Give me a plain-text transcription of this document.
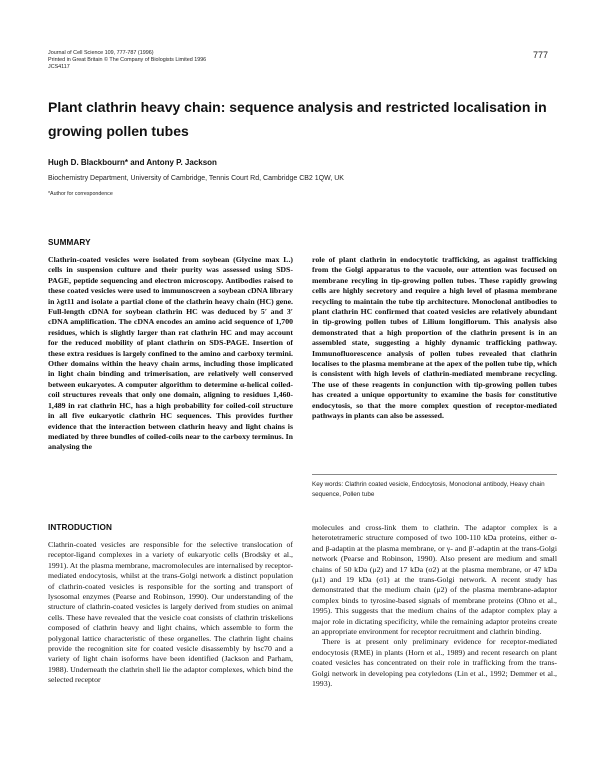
Journal of Cell Science 109, 777-787 (1996)
Printed in Great Britain © The Company of Biologists Limited 1996
JCS4117
777
Plant clathrin heavy chain: sequence analysis and restricted localisation in growing pollen tubes
Hugh D. Blackbourn* and Antony P. Jackson
Biochemistry Department, University of Cambridge, Tennis Court Rd, Cambridge CB2 1QW, UK
*Author for correspondence
SUMMARY

Clathrin-coated vesicles were isolated from soybean (Glycine max L.) cells in suspension culture and their purity was assessed using SDS-PAGE, peptide sequencing and electron microscopy. Antibodies raised to these coated vesicles were used to immunoscreen a soybean cDNA library in λgt11 and isolate a partial clone of the clathrin heavy chain (HC) gene. Full-length cDNA for soybean clathrin HC was deduced by 5′ and 3′ cDNA amplification. The cDNA encodes an amino acid sequence of 1,700 residues, which is slightly larger than rat clathrin HC and may account for the reduced mobility of plant clathrin on SDS-PAGE. Insertion of these extra residues is largely confined to the amino and carboxy termini. Other domains within the heavy chain arms, including those implicated in light chain binding and trimerisation, are relatively well conserved between eukaryotes. A computer algorithm to determine α-helical coiled-coil structures reveals that only one domain, aligning to residues 1,460-1,489 in rat clathrin HC, has a high probability for coiled-coil structure in all five eukaryotic clathrin HC sequences. This provides further evidence that the interaction between clathrin heavy and light chains is mediated by three bundles of coiled-coils near to the carboxy terminus. In analysing the

role of plant clathrin in endocytotic trafficking, as against trafficking from the Golgi apparatus to the vacuole, our attention was focused on membrane recyling in tip-growing pollen tubes. These rapidly growing cells are highly secretory and require a high level of plasma membrane recycling to maintain the tube tip architecture. Monoclonal antibodies to plant clathrin HC confirmed that coated vesicles are relatively abundant in tip-growing pollen tubes of Lilium longiflorum. This analysis also demonstrated that a high proportion of the clathrin present is in an assembled state, suggesting a highly dynamic trafficking pathway. Immunofluorescence analysis of pollen tubes revealed that clathrin localises to the plasma membrane at the apex of the pollen tube tip, which is consistent with high levels of clathrin-mediated membrane recycling. The use of these reagents in conjunction with tip-growing pollen tubes has created a unique opportunity to examine the basis for constitutive endocytosis, so that the more complex question of receptor-mediated pathways in plants can also be assessed.

Key words: Clathrin coated vesicle, Endocytosis, Monoclonal antibody, Heavy chain sequence, Pollen tube
INTRODUCTION

Clathrin-coated vesicles are responsible for the selective translocation of receptor-ligand complexes in a variety of eukaryotic cells (Brodsky et al., 1991). At the plasma membrane, macromolecules are internalised by receptor-mediated endocytosis, whilst at the trans-Golgi network a distinct population of clathrin-coated vesicles is responsible for the sorting and transport of lysosomal enzymes (Pearse and Robinson, 1990). Our understanding of the structure of clathrin-coated vesicles is largely derived from studies on animal cells. These have revealed that the vesicle coat consists of clathrin triskelions composed of clathrin heavy and light chains, which assemble to form the polygonal lattice characteristic of these organelles. The clathrin light chains provide the recognition site for coated vesicle disassembly by hsc70 and a variety of light chain isoforms have been identified (Jackson and Parham, 1988). Underneath the clathrin shell lie the adaptor complexes, which bind the selected receptor

molecules and cross-link them to clathrin. The adaptor complex is a heterotetrameric structure composed of two 100-110 kDa proteins, either α- and β-adaptin at the plasma membrane, or γ- and β′-adaptin at the trans-Golgi network (Pearse and Robinson, 1990). Also present are medium and small chains of 50 kDa (μ2) and 17 kDa (σ2) at the plasma membrane, or 47 kDa (μ1) and 19 kDa (σ1) at the trans-Golgi network. A recent study has demonstrated that the medium chain (μ2) of the plasma membrane-adaptor complex binds to tyrosine-based signals of membrane proteins (Ohno et al., 1995). This suggests that the medium chains of the adaptor complex play a major role in dictating specificity, while the remaining adaptor proteins create an appropriate environment for receptor recruitment and clathrin binding.

There is at present only preliminary evidence for receptor-mediated endocytosis (RME) in plants (Horn et al., 1989) and recent research on plant coated vesicles has concentrated on their role in trafficking from the trans-Golgi network in developing pea cotyledons (Lin et al., 1992; Demmer et al., 1993).
